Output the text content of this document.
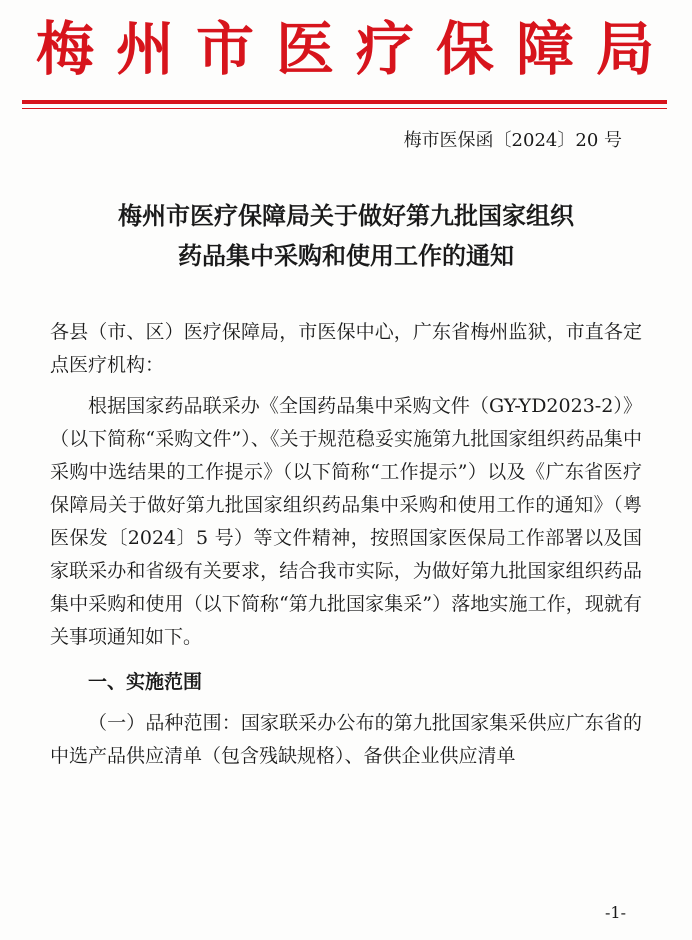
梅州市医疗保障局
梅市医保函〔2024〕20 号
梅州市医疗保障局关于做好第九批国家组织
药品集中采购和使用工作的通知

各县（市、区）医疗保障局，市医保中心，广东省梅州监狱，市直各定点医疗机构：

根据国家药品联采办《全国药品集中采购文件（GY-YD2023-2）》（以下简称“采购文件”）、《关于规范稳妥实施第九批国家组织药品集中采购中选结果的工作提示》（以下简称“工作提示”）以及《广东省医疗保障局关于做好第九批国家组织药品集中采购和使用工作的通知》（粤医保发〔2024〕5 号）等文件精神，按照国家医保局工作部署以及国家联采办和省级有关要求，结合我市实际，为做好第九批国家组织药品集中采购和使用（以下简称“第九批国家集采”）落地实施工作，现就有关事项通知如下。

一、实施范围

（一）品种范围：国家联采办公布的第九批国家集采供应广东省的中选产品供应清单（包含残缺规格）、备供企业供应清单

-1-
